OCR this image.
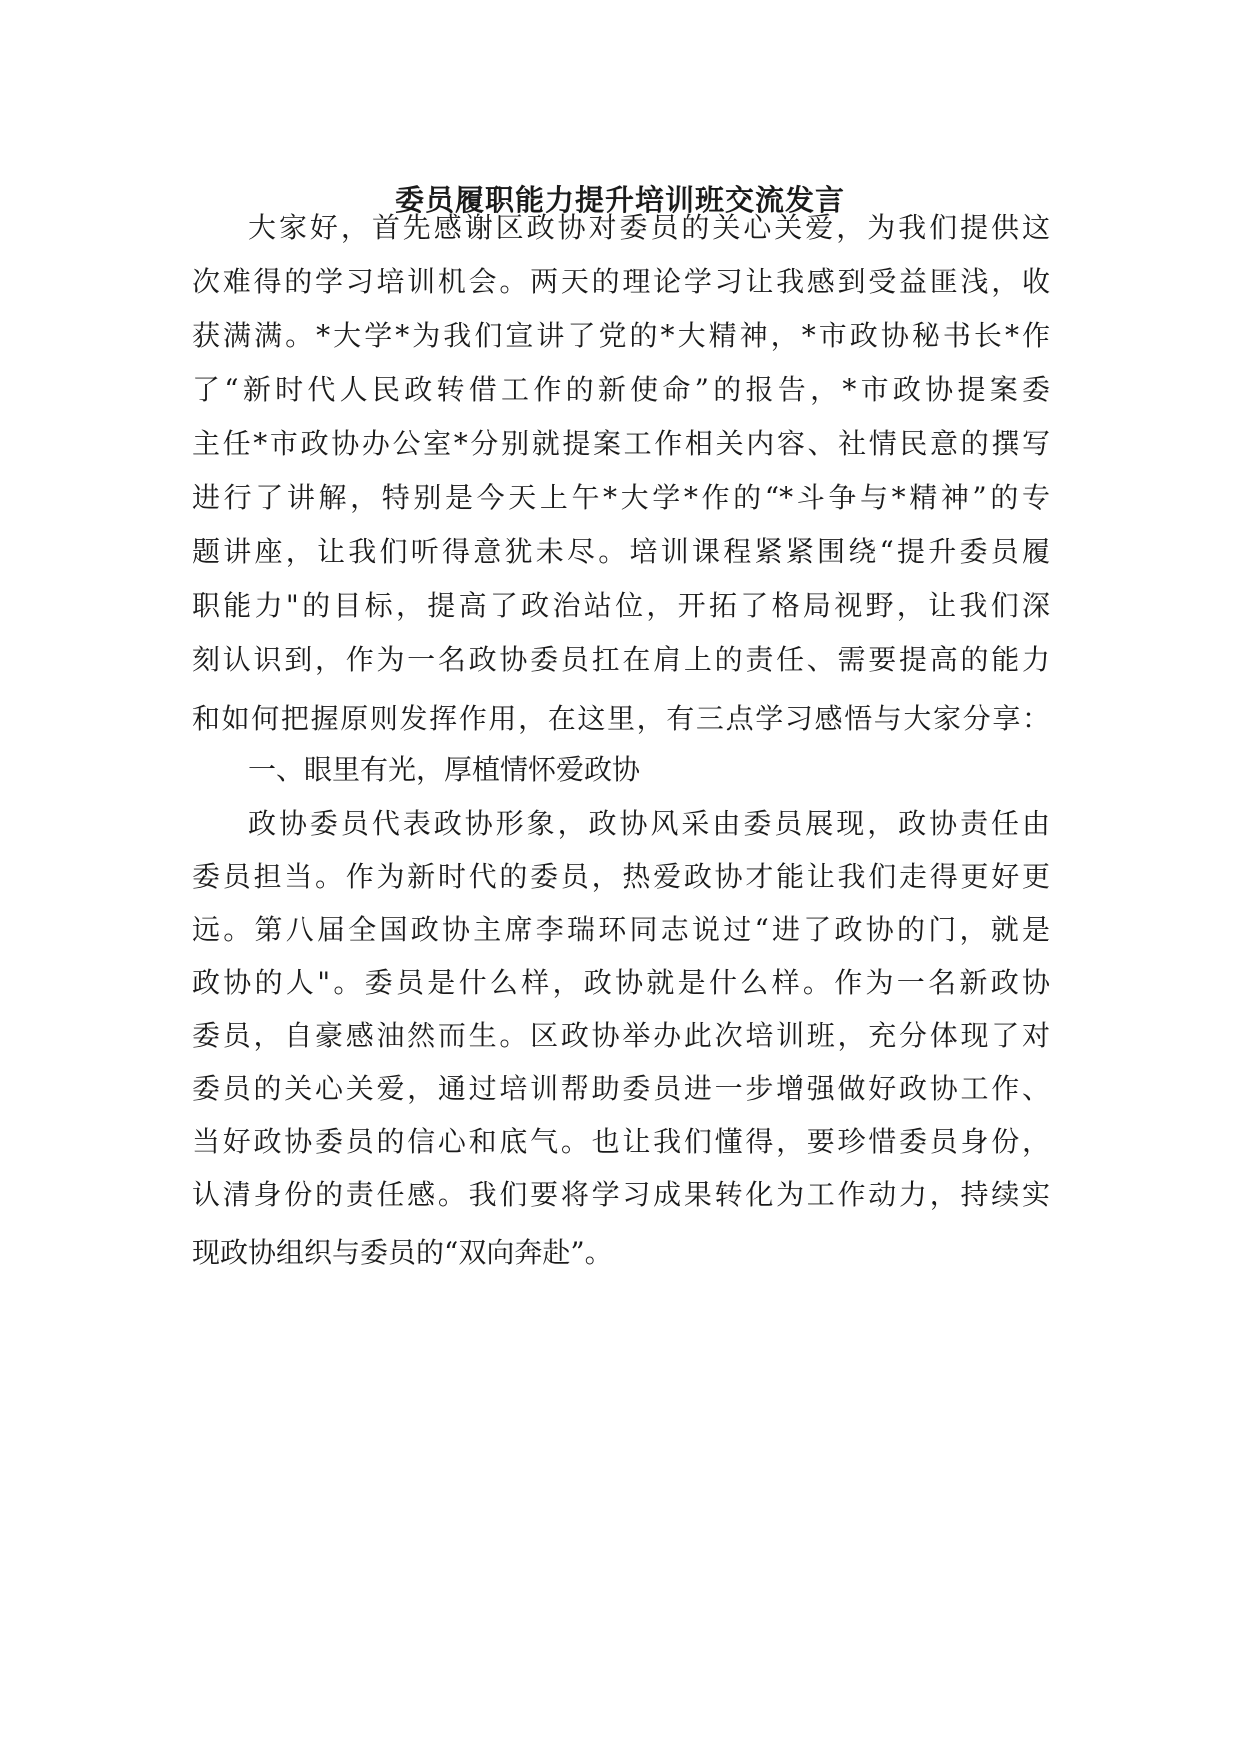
委员履职能力提升培训班交流发言

大家好，首先感谢区政协对委员的关心关爱，为我们提供这

次难得的学习培训机会。两天的理论学习让我感到受益匪浅，收

获满满。*大学*为我们宣讲了党的*大精神，*市政协秘书长*作

了“新时代人民政转借工作的新使命”的报告，*市政协提案委

主任*市政协办公室*分别就提案工作相关内容、社情民意的撰写

进行了讲解，特别是今天上午*大学*作的“*斗争与*精神”的专

题讲座，让我们听得意犹未尽。培训课程紧紧围绕“提升委员履

职能力"的目标，提高了政治站位，开拓了格局视野，让我们深

刻认识到，作为一名政协委员扛在肩上的责任、需要提高的能力

和如何把握原则发挥作用，在这里，有三点学习感悟与大家分享：

一、眼里有光，厚植情怀爱政协

政协委员代表政协形象，政协风采由委员展现，政协责任由

委员担当。作为新时代的委员，热爱政协才能让我们走得更好更

远。第八届全国政协主席李瑞环同志说过“进了政协的门，就是

政协的人"。委员是什么样，政协就是什么样。作为一名新政协

委员，自豪感油然而生。区政协举办此次培训班，充分体现了对

委员的关心关爱，通过培训帮助委员进一步增强做好政协工作、

当好政协委员的信心和底气。也让我们懂得，要珍惜委员身份，

认清身份的责任感。我们要将学习成果转化为工作动力，持续实

现政协组织与委员的“双向奔赴”。
